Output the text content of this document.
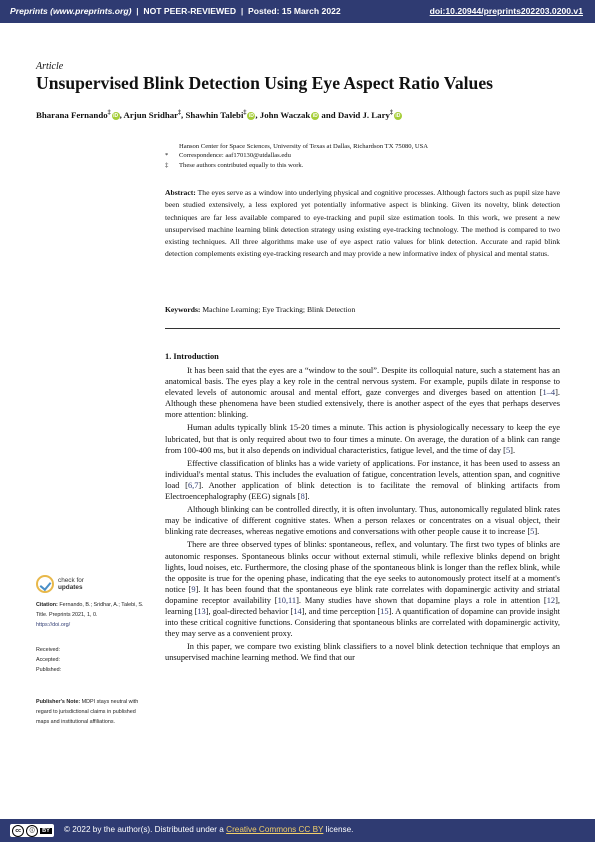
Preprints (www.preprints.org)  |  NOT PEER-REVIEWED  |  Posted: 15 March 2022	doi:10.20944/preprints202203.0200.v1
Article
Unsupervised Blink Detection Using Eye Aspect Ratio Values
Bharana Fernando‡ iD , Arjun Sridhar‡, Shawhin Talebi‡ iD , John Waczak iD and David J. Lary‡ iD
Hanson Center for Space Sciences, University of Texas at Dallas, Richardson TX 75080, USA
*	Correspondence: aaf170130@utdallas.edu
‡	These authors contributed equally to this work.
Abstract: The eyes serve as a window into underlying physical and cognitive processes. Although factors such as pupil size have been studied extensively, a less explored yet potentially informative aspect is blinking. Given its novelty, blink detection techniques are far less available compared to eye-tracking and pupil size estimation tools. In this work, we present a new unsupervised machine learning blink detection strategy using existing eye-tracking technology. The method is compared to two existing techniques. All three algorithms make use of eye aspect ratio values for blink detection. Accurate and rapid blink detection complements existing eye-tracking research and may provide a new informative index of physical and mental status.
Keywords: Machine Learning; Eye Tracking; Blink Detection
1. Introduction

It has been said that the eyes are a “window to the soul”. Despite its colloquial nature, such a statement has an anatomical basis. The eyes play a key role in the central nervous system. For example, pupils dilate in response to elevated levels of autonomic arousal and mental effort, gaze converges and diverges based on attention [1–4]. Although these phenomena have been studied extensively, there is another aspect of the eyes that perhaps deserves more attention: blinking.

Human adults typically blink 15-20 times a minute. This action is physiologically necessary to keep the eye lubricated, but that is only required about two to four times a minute. On average, the duration of a blink can range from 100-400 ms, but it also depends on individual characteristics, fatigue level, and the time of day [5].

Effective classification of blinks has a wide variety of applications. For instance, it has been used to assess an individual's mental status. This includes the evaluation of fatigue, concentration levels, attention span, and cognitive load [6,7]. Another application of blink detection is to facilitate the removal of blinking artifacts from Electroencephalography (EEG) signals [8].

Although blinking can be controlled directly, it is often involuntary. Thus, autonomically regulated blink rates may be indicative of different cognitive states. When a person relaxes or concentrates on a visual object, their blinking rate decreases, whereas negative emotions and conversations with other people cause it to increase [5].

There are three observed types of blinks: spontaneous, reflex, and voluntary. The first two types of blinks are autonomic responses. Spontaneous blinks occur without external stimuli, while reflexive blinks depend on bright lights, loud noises, etc. Furthermore, the closing phase of the spontaneous blink is longer than the reflex blink, while the opposite is true for the opening phase, indicating that the eye seeks to autonomously protect itself at a moment's notice [9]. It has been found that the spontaneous eye blink rate correlates with dopaminergic activity and striatal dopamine receptor availability [10,11]. Many studies have shown that dopamine plays a role in attention [12], learning [13], goal-directed behavior [14], and time perception [15]. A quantification of dopamine can provide insight into these critical cognitive functions. Considering that spontaneous blinks are correlated with dopaminergic activity, they may serve as a convenient proxy.

In this paper, we compare two existing blink classifiers to a novel blink detection technique that employs an unsupervised machine learning method. We find that our

check for
updates
Citation: Fernando, B.; Sridhar, A.; Talebi, S. Title. Preprints 2021, 1, 0.
https://doi.org/
Received:
Accepted:
Published:
Publisher's Note: MDPI stays neutral with regard to jurisdictional claims in published maps and institutional affiliations.
cc	ⓘ	BY © 2022 by the author(s). Distributed under a Creative Commons CC BY license.
